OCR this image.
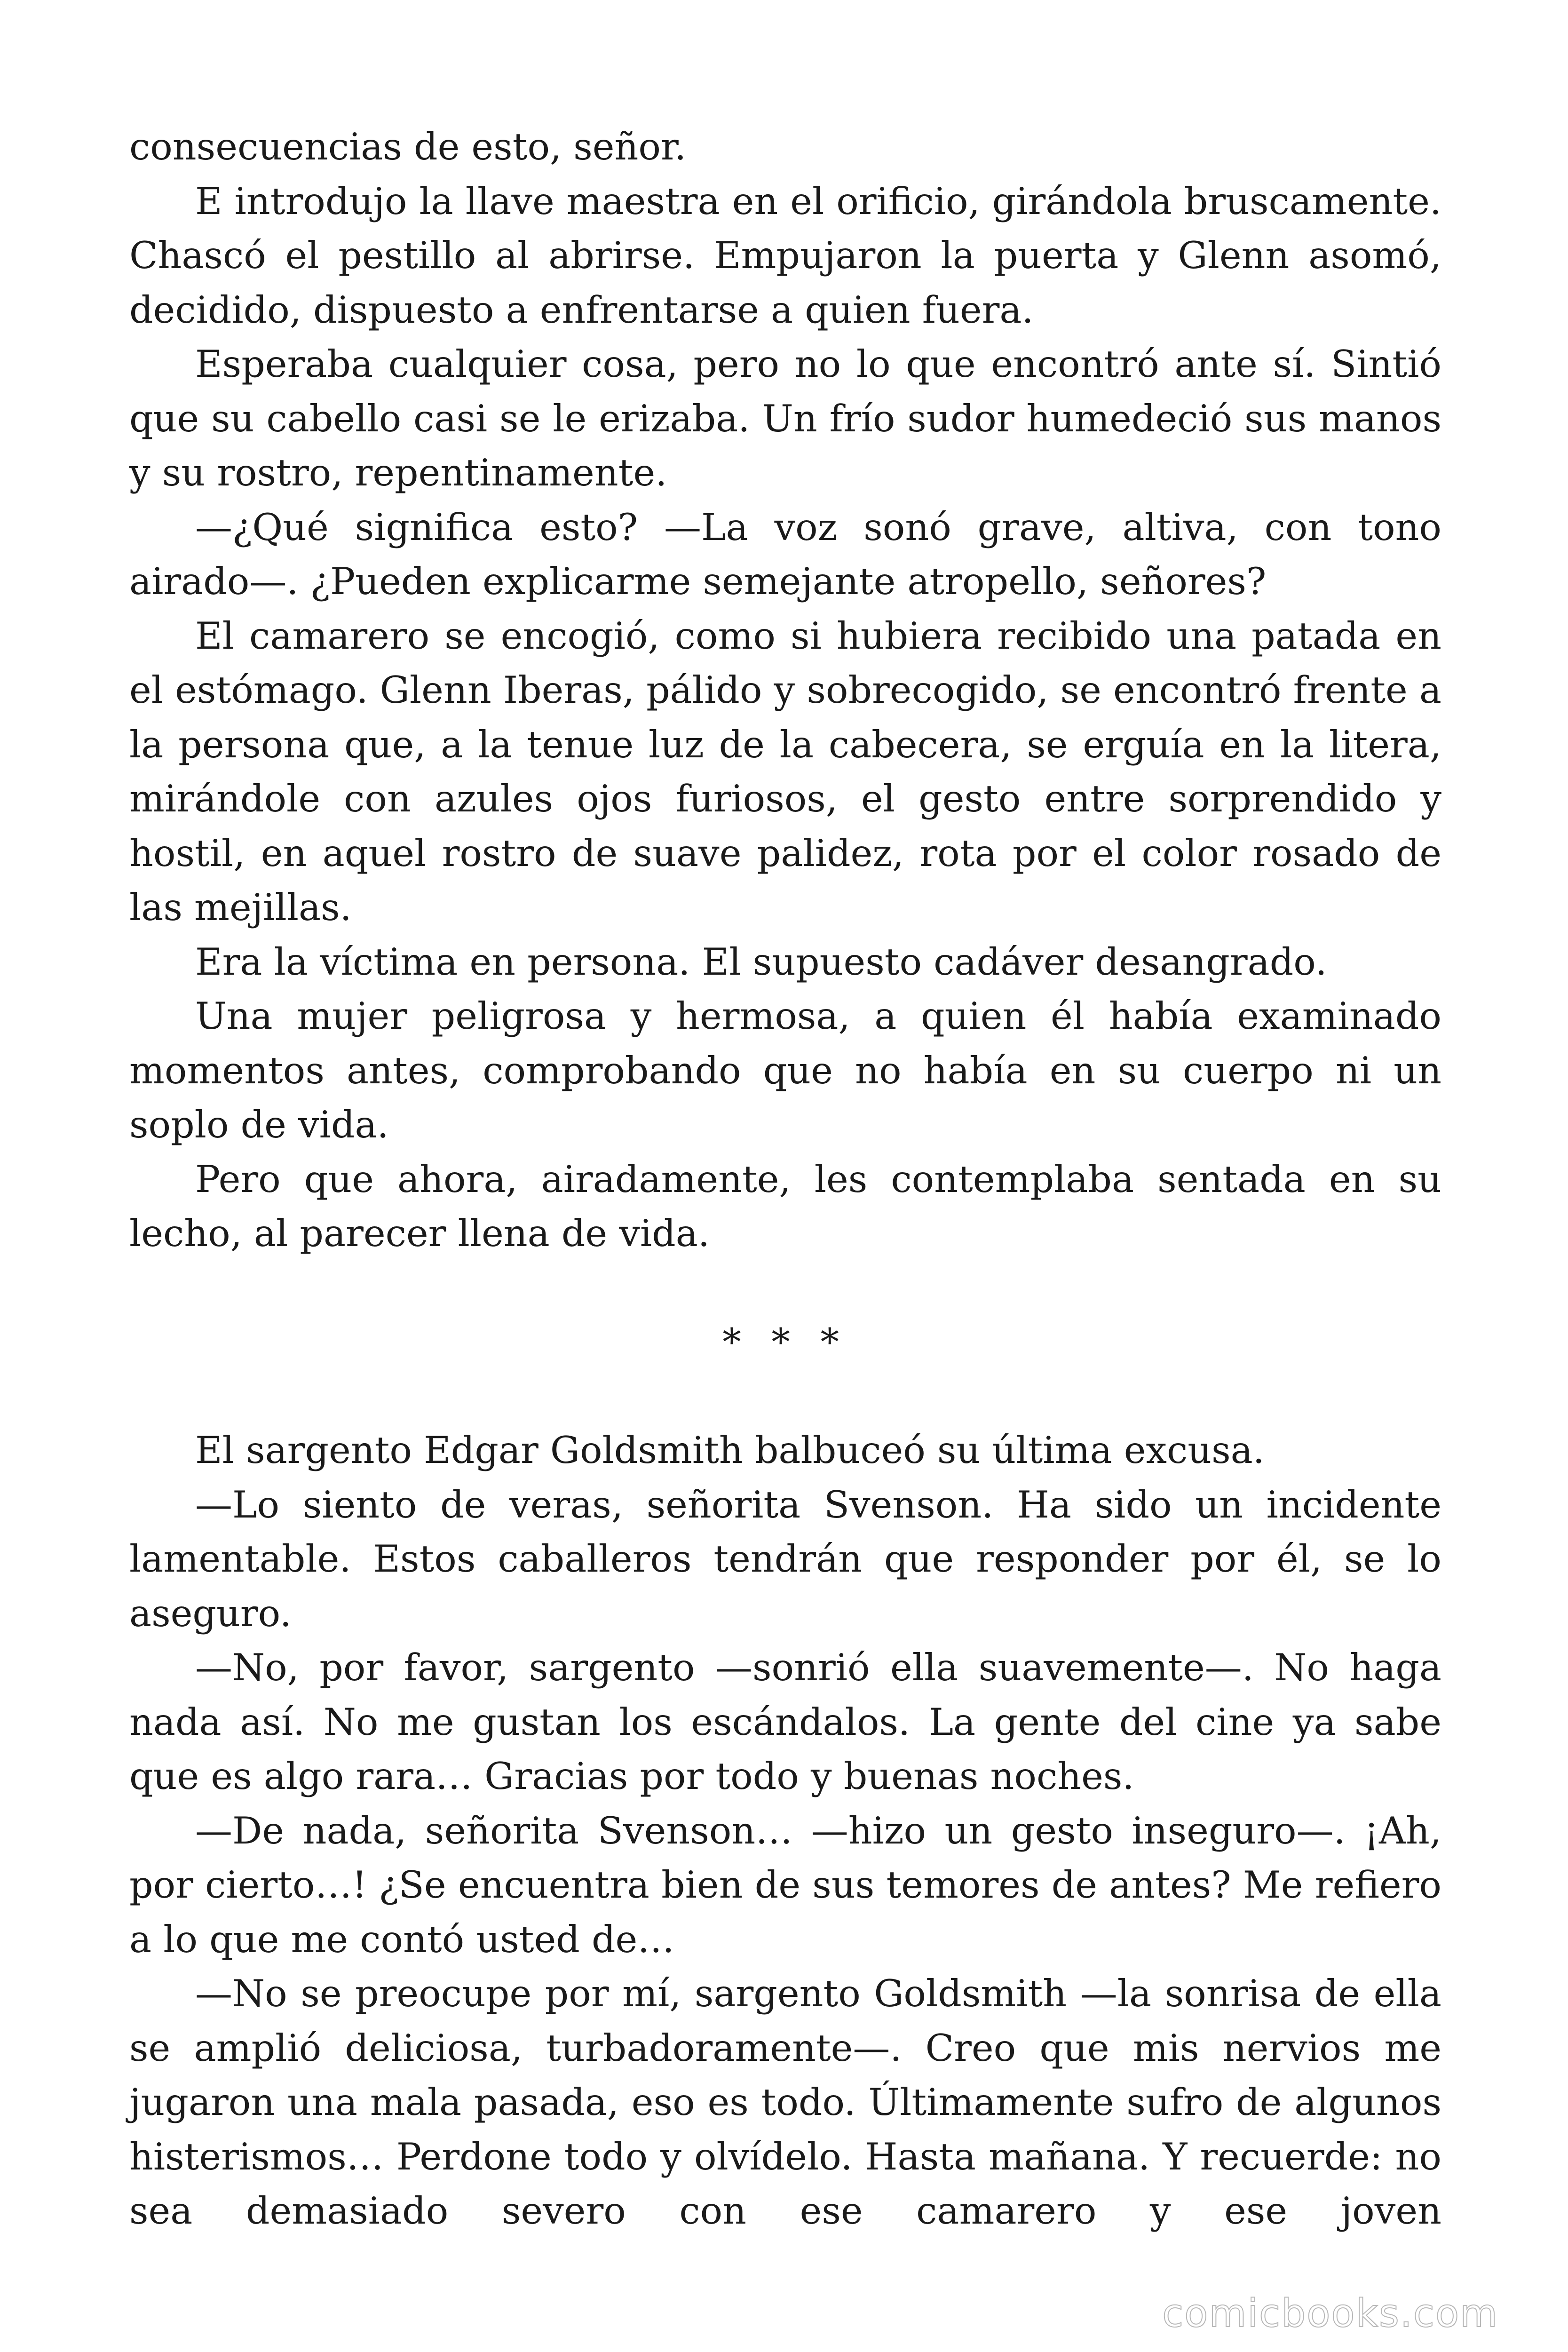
consecuencias de esto, señor.

E introdujo la llave maestra en el orificio, girándola bruscamente. Chascó el pestillo al abrirse. Empujaron la puerta y Glenn asomó, decidido, dispuesto a enfrentarse a quien fuera.

Esperaba cualquier cosa, pero no lo que encontró ante sí. Sintió que su cabello casi se le erizaba. Un frío sudor humedeció sus manos y su rostro, repentinamente.

—¿Qué significa esto? —La voz sonó grave, altiva, con tono airado—. ¿Pueden explicarme semejante atropello, señores?

El camarero se encogió, como si hubiera recibido una patada en el estómago. Glenn Iberas, pálido y sobrecogido, se encontró frente a la persona que, a la tenue luz de la cabecera, se erguía en la litera, mirándole con azules ojos furiosos, el gesto entre sorprendido y hostil, en aquel rostro de suave palidez, rota por el color rosado de las mejillas.

Era la víctima en persona. El supuesto cadáver desangrado.

Una mujer peligrosa y hermosa, a quien él había examinado momentos antes, comprobando que no había en su cuerpo ni un soplo de vida.

Pero que ahora, airadamente, les contemplaba sentada en su lecho, al parecer llena de vida.

* * *

El sargento Edgar Goldsmith balbuceó su última excusa.

—Lo siento de veras, señorita Svenson. Ha sido un incidente lamentable. Estos caballeros tendrán que responder por él, se lo aseguro.

—No, por favor, sargento —sonrió ella suavemente—. No haga nada así. No me gustan los escándalos. La gente del cine ya sabe que es algo rara… Gracias por todo y buenas noches.

—De nada, señorita Svenson… —hizo un gesto inseguro—. ¡Ah, por cierto…! ¿Se encuentra bien de sus temores de antes? Me refiero a lo que me contó usted de…

—No se preocupe por mí, sargento Goldsmith —la sonrisa de ella se amplió deliciosa, turbadoramente—. Creo que mis nervios me jugaron una mala pasada, eso es todo. Últimamente sufro de algunos histerismos… Perdone todo y olvídelo. Hasta mañana. Y recuerde: no sea demasiado severo con ese camarero y ese joven

comicbooks.com
